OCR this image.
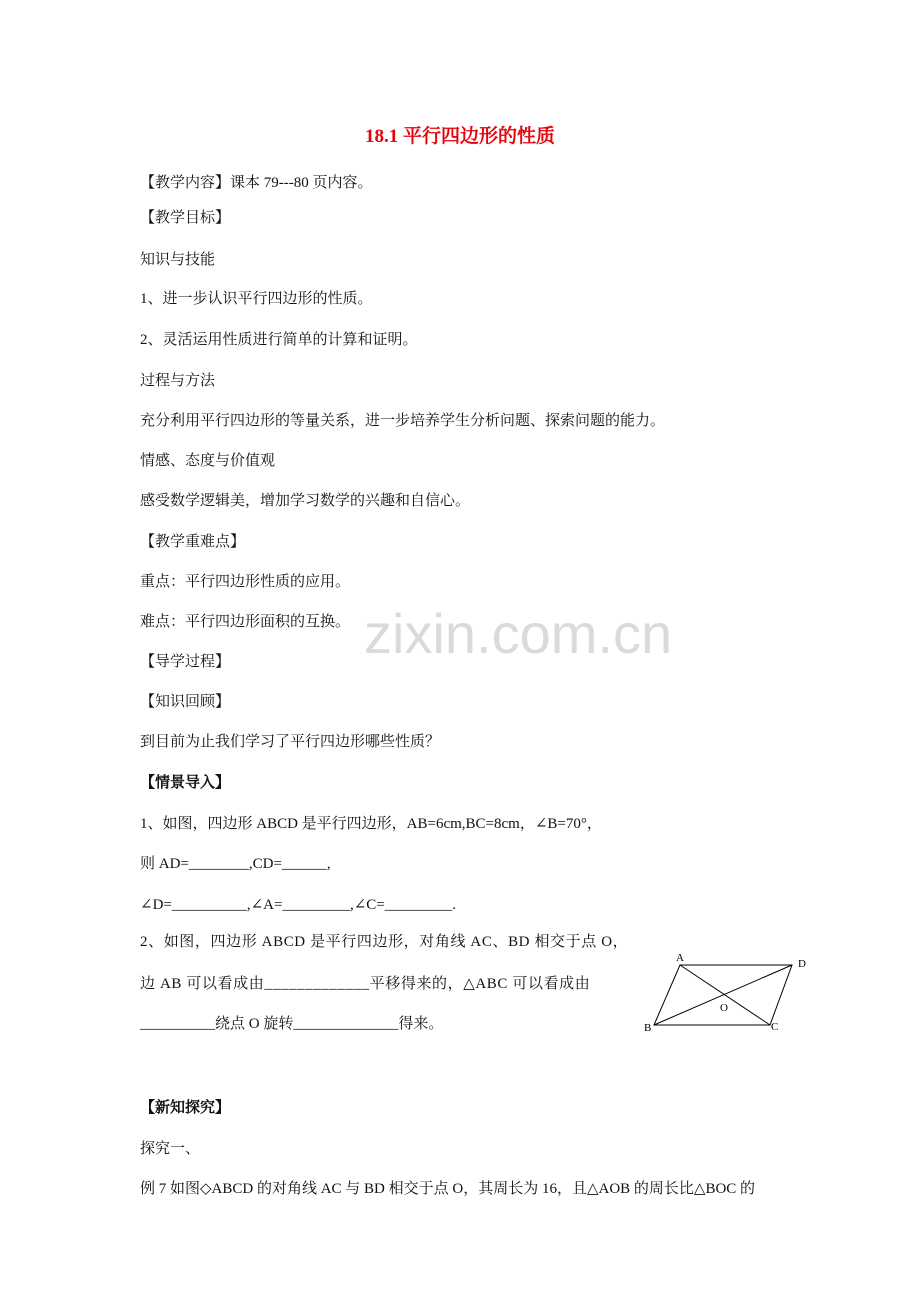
zixin.com.cn
18.1 平行四边形的性质
【教学内容】课本 79---80 页内容。
【教学目标】
知识与技能
1、进一步认识平行四边形的性质。
2、灵活运用性质进行简单的计算和证明。
过程与方法
充分利用平行四边形的等量关系，进一步培养学生分析问题、探索问题的能力。
情感、态度与价值观
感受数学逻辑美，增加学习数学的兴趣和自信心。
【教学重难点】
重点：平行四边形性质的应用。
难点：平行四边形面积的互换。
【导学过程】
【知识回顾】
到目前为止我们学习了平行四边形哪些性质？
【情景导入】
1、如图，四边形 ABCD 是平行四边形，AB=6cm,BC=8cm，∠B=70°，
则 AD=________,CD=______,
∠D=__________,∠A=_________,∠C=_________.
2、如图，四边形 ABCD 是平行四边形，对角线 AC、BD 相交于点 O，
边 AB 可以看成由_____________平移得来的，△ABC 可以看成由
__________绕点 O 旋转______________得来。
【新知探究】
探究一、
例 7 如图◇ABCD 的对角线 AC 与 BD 相交于点 O，其周长为 16，且△AOB 的周长比△BOC 的
A	D
B	C
O
